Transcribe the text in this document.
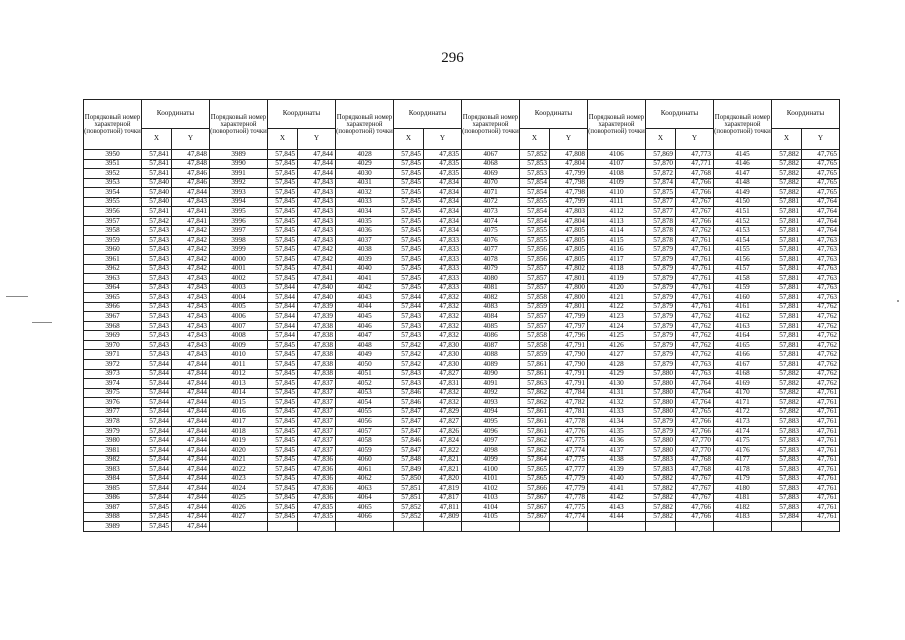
296
Порядковый номер характерной (поворотной) точки	Координаты		Порядковый номер характерной (поворотной) точки	Координаты		Порядковый номер характерной (поворотной) точки	Координаты		Порядковый номер характерной (поворотной) точки	Координаты		Порядковый номер характерной (поворотной) точки	Координаты		Порядковый номер характерной (поворотной) точки	Координаты	
	X	Y		X	Y		X	Y		X	Y		X	Y		X	Y
3950	57,841	47,848	3989	57,845	47,844	4028	57,845	47,835	4067	57,852	47,808	4106	57,869	47,773	4145	57,882	47,765
3951	57,841	47,848	3990	57,845	47,844	4029	57,845	47,835	4068	57,853	47,804	4107	57,870	47,771	4146	57,882	47,765
3952	57,841	47,846	3991	57,845	47,844	4030	57,845	47,835	4069	57,853	47,799	4108	57,872	47,768	4147	57,882	47,765
3953	57,840	47,846	3992	57,845	47,843	4031	57,845	47,834	4070	57,854	47,798	4109	57,874	47,766	4148	57,882	47,765
3954	57,840	47,844	3993	57,845	47,843	4032	57,845	47,834	4071	57,854	47,798	4110	57,875	47,766	4149	57,882	47,765
3955	57,840	47,843	3994	57,845	47,843	4033	57,845	47,834	4072	57,855	47,799	4111	57,877	47,767	4150	57,881	47,764
3956	57,841	47,841	3995	57,845	47,843	4034	57,845	47,834	4073	57,854	47,803	4112	57,877	47,767	4151	57,881	47,764
3957	57,842	47,841	3996	57,845	47,843	4035	57,845	47,834	4074	57,854	47,804	4113	57,878	47,766	4152	57,881	47,764
3958	57,843	47,842	3997	57,845	47,843	4036	57,845	47,834	4075	57,855	47,805	4114	57,878	47,762	4153	57,881	47,764
3959	57,843	47,842	3998	57,845	47,843	4037	57,845	47,833	4076	57,855	47,805	4115	57,878	47,761	4154	57,881	47,763
3960	57,843	47,842	3999	57,845	47,842	4038	57,845	47,833	4077	57,856	47,805	4116	57,879	47,761	4155	57,881	47,763
3961	57,843	47,842	4000	57,845	47,842	4039	57,845	47,833	4078	57,856	47,805	4117	57,879	47,761	4156	57,881	47,763
3962	57,843	47,842	4001	57,845	47,841	4040	57,845	47,833	4079	57,857	47,802	4118	57,879	47,761	4157	57,881	47,763
3963	57,843	47,843	4002	57,845	47,841	4041	57,845	47,833	4080	57,857	47,801	4119	57,879	47,761	4158	57,881	47,763
3964	57,843	47,843	4003	57,844	47,840	4042	57,845	47,833	4081	57,857	47,800	4120	57,879	47,761	4159	57,881	47,763
3965	57,843	47,843	4004	57,844	47,840	4043	57,844	47,832	4082	57,858	47,800	4121	57,879	47,761	4160	57,881	47,763
3966	57,843	47,843	4005	57,844	47,839	4044	57,844	47,832	4083	57,859	47,801	4122	57,879	47,761	4161	57,881	47,762
3967	57,843	47,843	4006	57,844	47,839	4045	57,843	47,832	4084	57,857	47,799	4123	57,879	47,762	4162	57,881	47,762
3968	57,843	47,843	4007	57,844	47,838	4046	57,843	47,832	4085	57,857	47,797	4124	57,879	47,762	4163	57,881	47,762
3969	57,843	47,843	4008	57,844	47,838	4047	57,843	47,832	4086	57,858	47,796	4125	57,879	47,762	4164	57,881	47,762
3970	57,843	47,843	4009	57,845	47,838	4048	57,842	47,830	4087	57,858	47,791	4126	57,879	47,762	4165	57,881	47,762
3971	57,843	47,843	4010	57,845	47,838	4049	57,842	47,830	4088	57,859	47,790	4127	57,879	47,762	4166	57,881	47,762
3972	57,844	47,844	4011	57,845	47,838	4050	57,842	47,830	4089	57,861	47,790	4128	57,879	47,763	4167	57,881	47,762
3973	57,844	47,844	4012	57,845	47,838	4051	57,843	47,827	4090	57,861	47,791	4129	57,880	47,763	4168	57,882	47,762
3974	57,844	47,844	4013	57,845	47,837	4052	57,843	47,831	4091	57,863	47,791	4130	57,880	47,764	4169	57,882	47,762
3975	57,844	47,844	4014	57,845	47,837	4053	57,846	47,832	4092	57,862	47,784	4131	57,880	47,764	4170	57,882	47,761
3976	57,844	47,844	4015	57,845	47,837	4054	57,846	47,832	4093	57,862	47,782	4132	57,880	47,764	4171	57,882	47,761
3977	57,844	47,844	4016	57,845	47,837	4055	57,847	47,829	4094	57,861	47,781	4133	57,880	47,765	4172	57,882	47,761
3978	57,844	47,844	4017	57,845	47,837	4056	57,847	47,827	4095	57,861	47,778	4134	57,879	47,766	4173	57,883	47,761
3979	57,844	47,844	4018	57,845	47,837	4057	57,847	47,826	4096	57,861	47,776	4135	57,879	47,766	4174	57,883	47,761
3980	57,844	47,844	4019	57,845	47,837	4058	57,846	47,824	4097	57,862	47,775	4136	57,880	47,770	4175	57,883	47,761
3981	57,844	47,844	4020	57,845	47,837	4059	57,847	47,822	4098	57,862	47,774	4137	57,880	47,770	4176	57,883	47,761
3982	57,844	47,844	4021	57,845	47,836	4060	57,848	47,821	4099	57,864	47,775	4138	57,883	47,768	4177	57,883	47,761
3983	57,844	47,844	4022	57,845	47,836	4061	57,849	47,821	4100	57,865	47,777	4139	57,883	47,768	4178	57,883	47,761
3984	57,844	47,844	4023	57,845	47,836	4062	57,850	47,820	4101	57,865	47,779	4140	57,882	47,767	4179	57,883	47,761
3985	57,844	47,844	4024	57,845	47,836	4063	57,851	47,819	4102	57,866	47,779	4141	57,882	47,767	4180	57,883	47,761
3986	57,844	47,844	4025	57,845	47,836	4064	57,851	47,817	4103	57,867	47,778	4142	57,882	47,767	4181	57,883	47,761
3987	57,845	47,844	4026	57,845	47,835	4065	57,852	47,811	4104	57,867	47,775	4143	57,882	47,766	4182	57,883	47,761
3988	57,845	47,844	4027	57,845	47,835	4066	57,852	47,809	4105	57,867	47,774	4144	57,882	47,766	4183	57,884	47,761
3989	57,845	47,844															
